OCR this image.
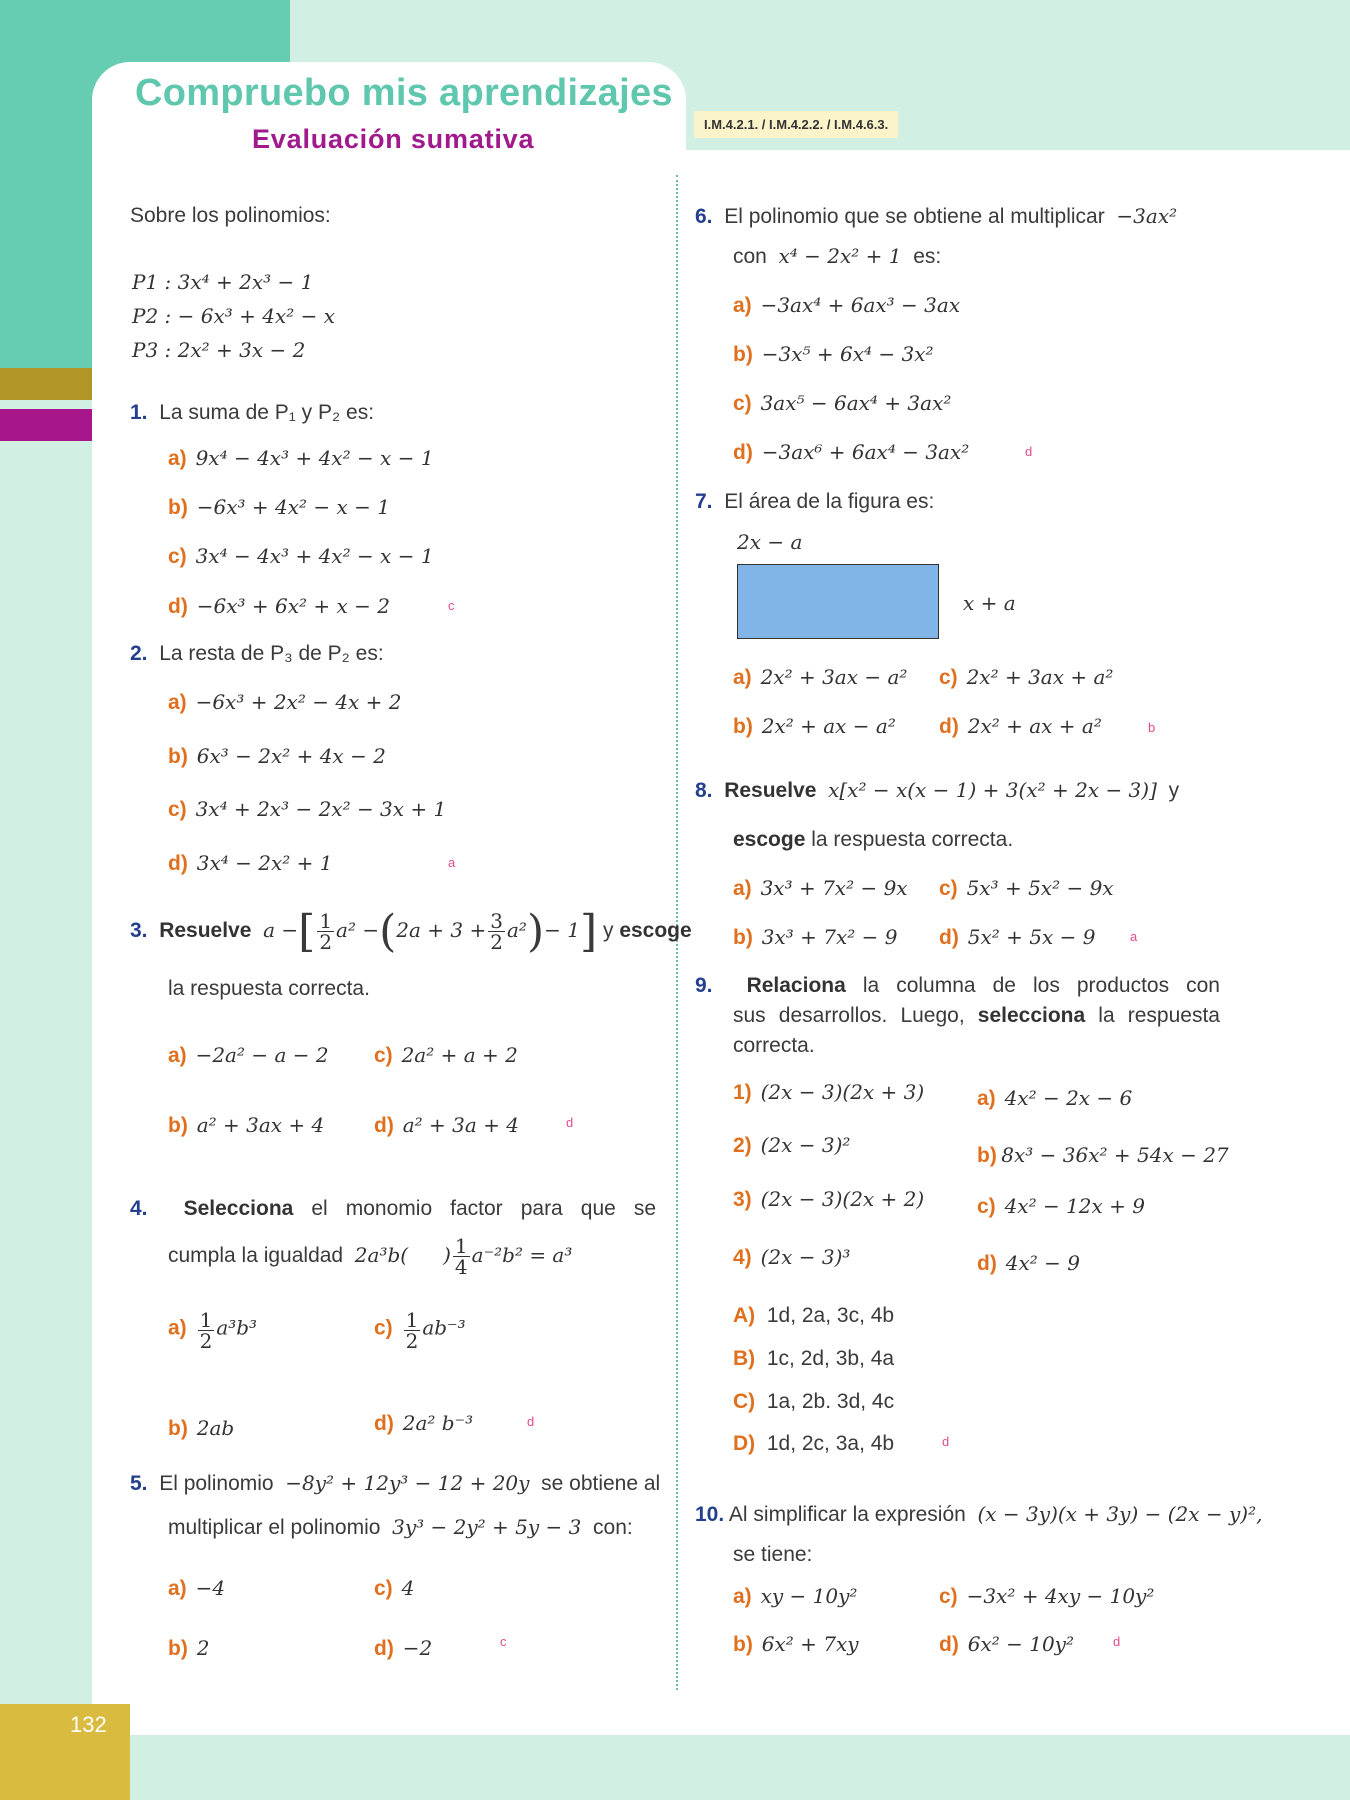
132
Compruebo mis aprendizajes
Evaluación sumativa	I.M.4.2.1. / I.M.4.2.2. / I.M.4.6.3.
Sobre los polinomios:
P1 : 3x⁴ + 2x³ − 1
P2 : − 6x³ + 4x² − x
P3 : 2x² + 3x − 2
1. La suma de P₁ y P₂ es:
a) 9x⁴ − 4x³ + 4x² − x − 1
b) −6x³ + 4x² − x − 1
c) 3x⁴ − 4x³ + 4x² − x − 1
d) −6x³ + 6x² + x − 2	c
2. La resta de P₃ de P₂ es:
a) −6x³ + 2x² − 4x + 2
b) 6x³ − 2x² + 4x − 2
c) 3x⁴ + 2x³ − 2x² − 3x + 1
d) 3x⁴ − 2x² + 1	a
3. Resuelve a −[ $\frac{1}{2} a^2 -(2a + 3 + \frac{3}{2} a^2)- 1$] y escoge
la respuesta correcta.
a) −2a² − a − 2 c) 2a² + a + 2
b) a² + 3ax + 4 d) a² + 3a + 4	d
4. Selecciona el monomio factor para que se
cumpla la igualdad 2a³b( ) $\frac{1}{4} a^{-2}b^2 = a^3$
$a) \frac{1}{2} a^3b^3$	$c) \frac{1}{2} ab^{-3}$
b) 2ab	d) 2a² b⁻³	d
5. El polinomio −8y² + 12y³ − 12 + 20y se obtiene al
multiplicar el polinomio 3y³ − 2y² + 5y − 3 con:
a) −4	c) 4
b) 2	d) −2	c
6. El polinomio que se obtiene al multiplicar −3ax²
con x⁴ − 2x² + 1 es:
a) −3ax⁴ + 6ax³ − 3ax
b) −3x⁵ + 6x⁴ − 3x²
c) 3ax⁵ − 6ax⁴ + 3ax²
d) −3ax⁶ + 6ax⁴ − 3ax²	d
7. El área de la figura es:
2x − a
x + a
a) 2x² + 3ax − a² c) 2x² + 3ax + a²
b) 2x² + ax − a² d) 2x² + ax + a²	b
8. Resuelve x[x² − x(x − 1) + 3(x² + 2x − 3)] y
escoge la respuesta correcta.
a) 3x³ + 7x² − 9x c) 5x³ + 5x² − 9x
b) 3x³ + 7x² − 9 d) 5x² + 5x − 9	a
9. Relaciona la columna de los productos con
sus desarrollos. Luego, selecciona la respuesta
correcta.
1) (2x − 3)(2x + 3)
2) (2x − 3)²
3) (2x − 3)(2x + 2)
4) (2x − 3)³
a) 4x² − 2x − 6
b) 8x³ − 36x² + 54x − 27
c) 4x² − 12x + 9
d) 4x² − 9
A) 1d, 2a, 3c, 4b
B) 1c, 2d, 3b, 4a
C) 1a, 2b. 3d, 4c
D) 1d, 2c, 3a, 4b	d
10. Al simplificar la expresión (x − 3y)(x + 3y) − (2x − y)²,
se tiene:
a) xy − 10y²	c) −3x² + 4xy − 10y²
b) 6x² + 7xy	d) 6x² − 10y²	d
